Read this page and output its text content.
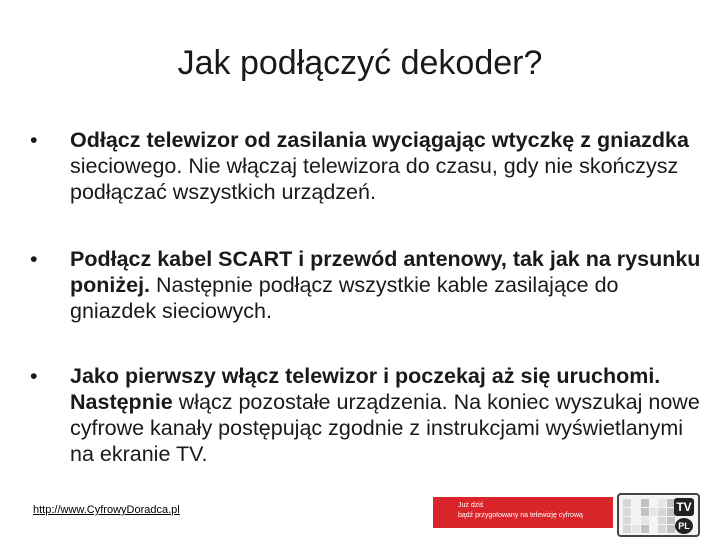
Jak podłączyć dekoder?
• Odłącz telewizor od zasilania wyciągając wtyczkę z gniazdka sieciowego. Nie włączaj telewizora do czasu, gdy nie skończysz podłączać wszystkich urządzeń.
• Podłącz kabel SCART i przewód antenowy, tak jak na rysunku poniżej. Następnie podłącz wszystkie kable zasilające do gniazdek sieciowych.
• Jako pierwszy włącz telewizor i poczekaj aż się uruchomi. Następnie włącz pozostałe urządzenia. Na koniec wyszukaj nowe cyfrowe kanały postępując zgodnie z instrukcjami wyświetlanymi na ekranie TV.
http://www.CyfrowyDoradca.pl	Już dziś
bądź przygotowany na telewizję cyfrową
TV
PL
